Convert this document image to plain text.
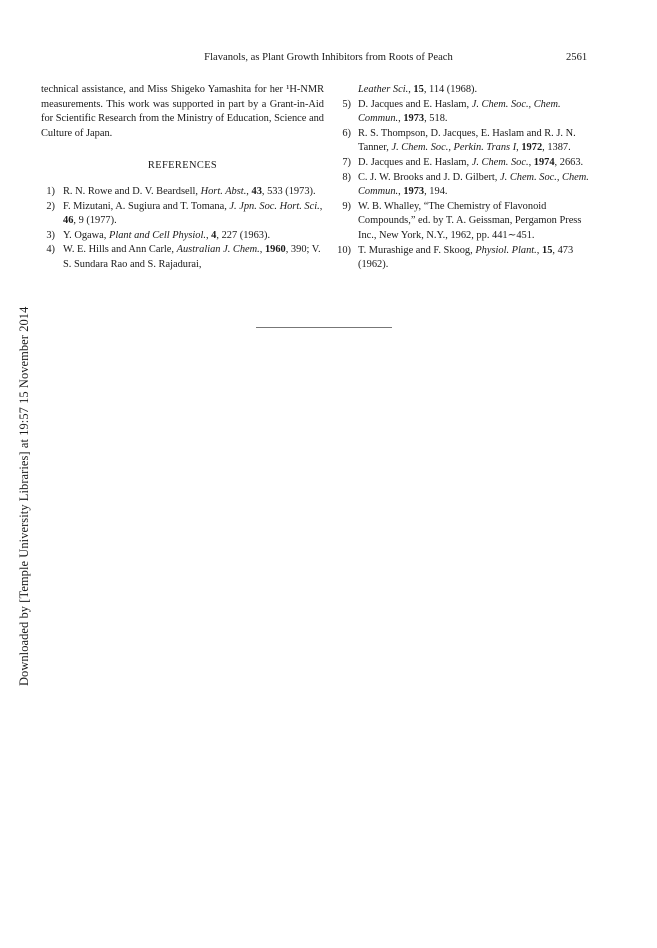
Flavanols, as Plant Growth Inhibitors from Roots of Peach	2561

technical assistance, and Miss Shigeko Yamashita for her ¹H-NMR measurements. This work was supported in part by a Grant-in-Aid for Scientific Research from the Ministry of Education, Science and Culture of Japan.

REFERENCES
1) R. N. Rowe and D. V. Beardsell, Hort. Abst., 43, 533 (1973).
2) F. Mizutani, A. Sugiura and T. Tomana, J. Jpn. Soc. Hort. Sci., 46, 9 (1977).
3) Y. Ogawa, Plant and Cell Physiol., 4, 227 (1963).
4) W. E. Hills and Ann Carle, Australian J. Chem., 1960, 390; V. S. Sundara Rao and S. Rajadurai,
Leather Sci., 15, 114 (1968).
5) D. Jacques and E. Haslam, J. Chem. Soc., Chem. Commun., 1973, 518.
6) R. S. Thompson, D. Jacques, E. Haslam and R. J. N. Tanner, J. Chem. Soc., Perkin. Trans I, 1972, 1387.
7) D. Jacques and E. Haslam, J. Chem. Soc., 1974, 2663.
8) C. J. W. Brooks and J. D. Gilbert, J. Chem. Soc., Chem. Commun., 1973, 194.
9) W. B. Whalley, “The Chemistry of Flavonoid Compounds,” ed. by T. A. Geissman, Pergamon Press Inc., New York, N.Y., 1962, pp. 441∼451.
10) T. Murashige and F. Skoog, Physiol. Plant., 15, 473 (1962).
Downloaded by [Temple University Libraries] at 19:57 15 November 2014
